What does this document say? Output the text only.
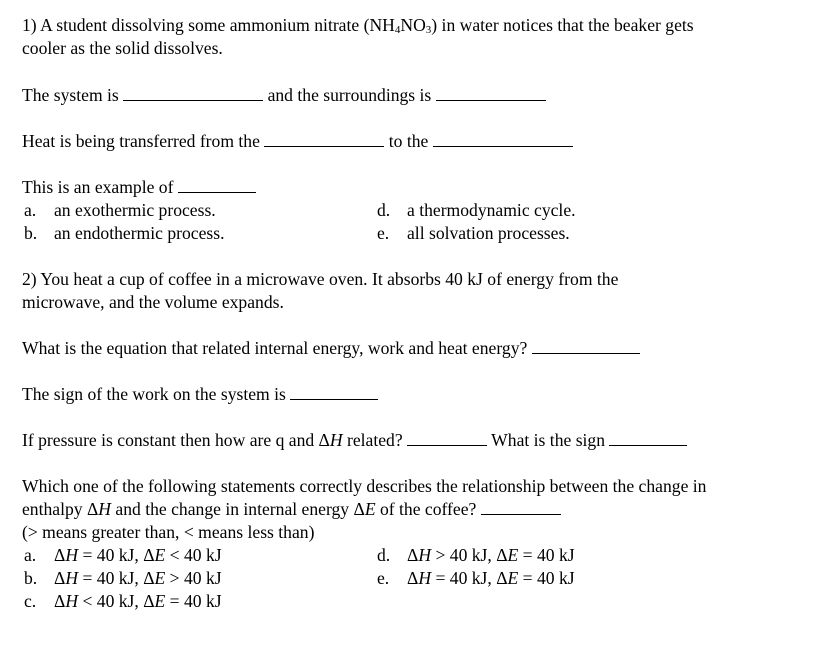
1) A student dissolving some ammonium nitrate (NH4NO3) in water notices that the beaker gets
cooler as the solid dissolves.
The system is	and the surroundings is
Heat is being transferred from the	to the
This is an example of
a. an exothermic process.
b. an endothermic process.
d. a thermodynamic cycle.
e. all solvation processes.
2) You heat a cup of coffee in a microwave oven. It absorbs 40 kJ of energy from the
microwave, and the volume expands.
What is the equation that related internal energy, work and heat energy?
The sign of the work on the system is
If pressure is constant then how are q and ΔH related?	What is the sign
Which one of the following statements correctly describes the relationship between the change in
enthalpy ΔH and the change in internal energy ΔE of the coffee?
(> means greater than, < means less than)
a. ΔH = 40 kJ, ΔE < 40 kJ
b. ΔH = 40 kJ, ΔE > 40 kJ
c. ΔH < 40 kJ, ΔE = 40 kJ
d. ΔH > 40 kJ, ΔE = 40 kJ
e. ΔH = 40 kJ, ΔE = 40 kJ
